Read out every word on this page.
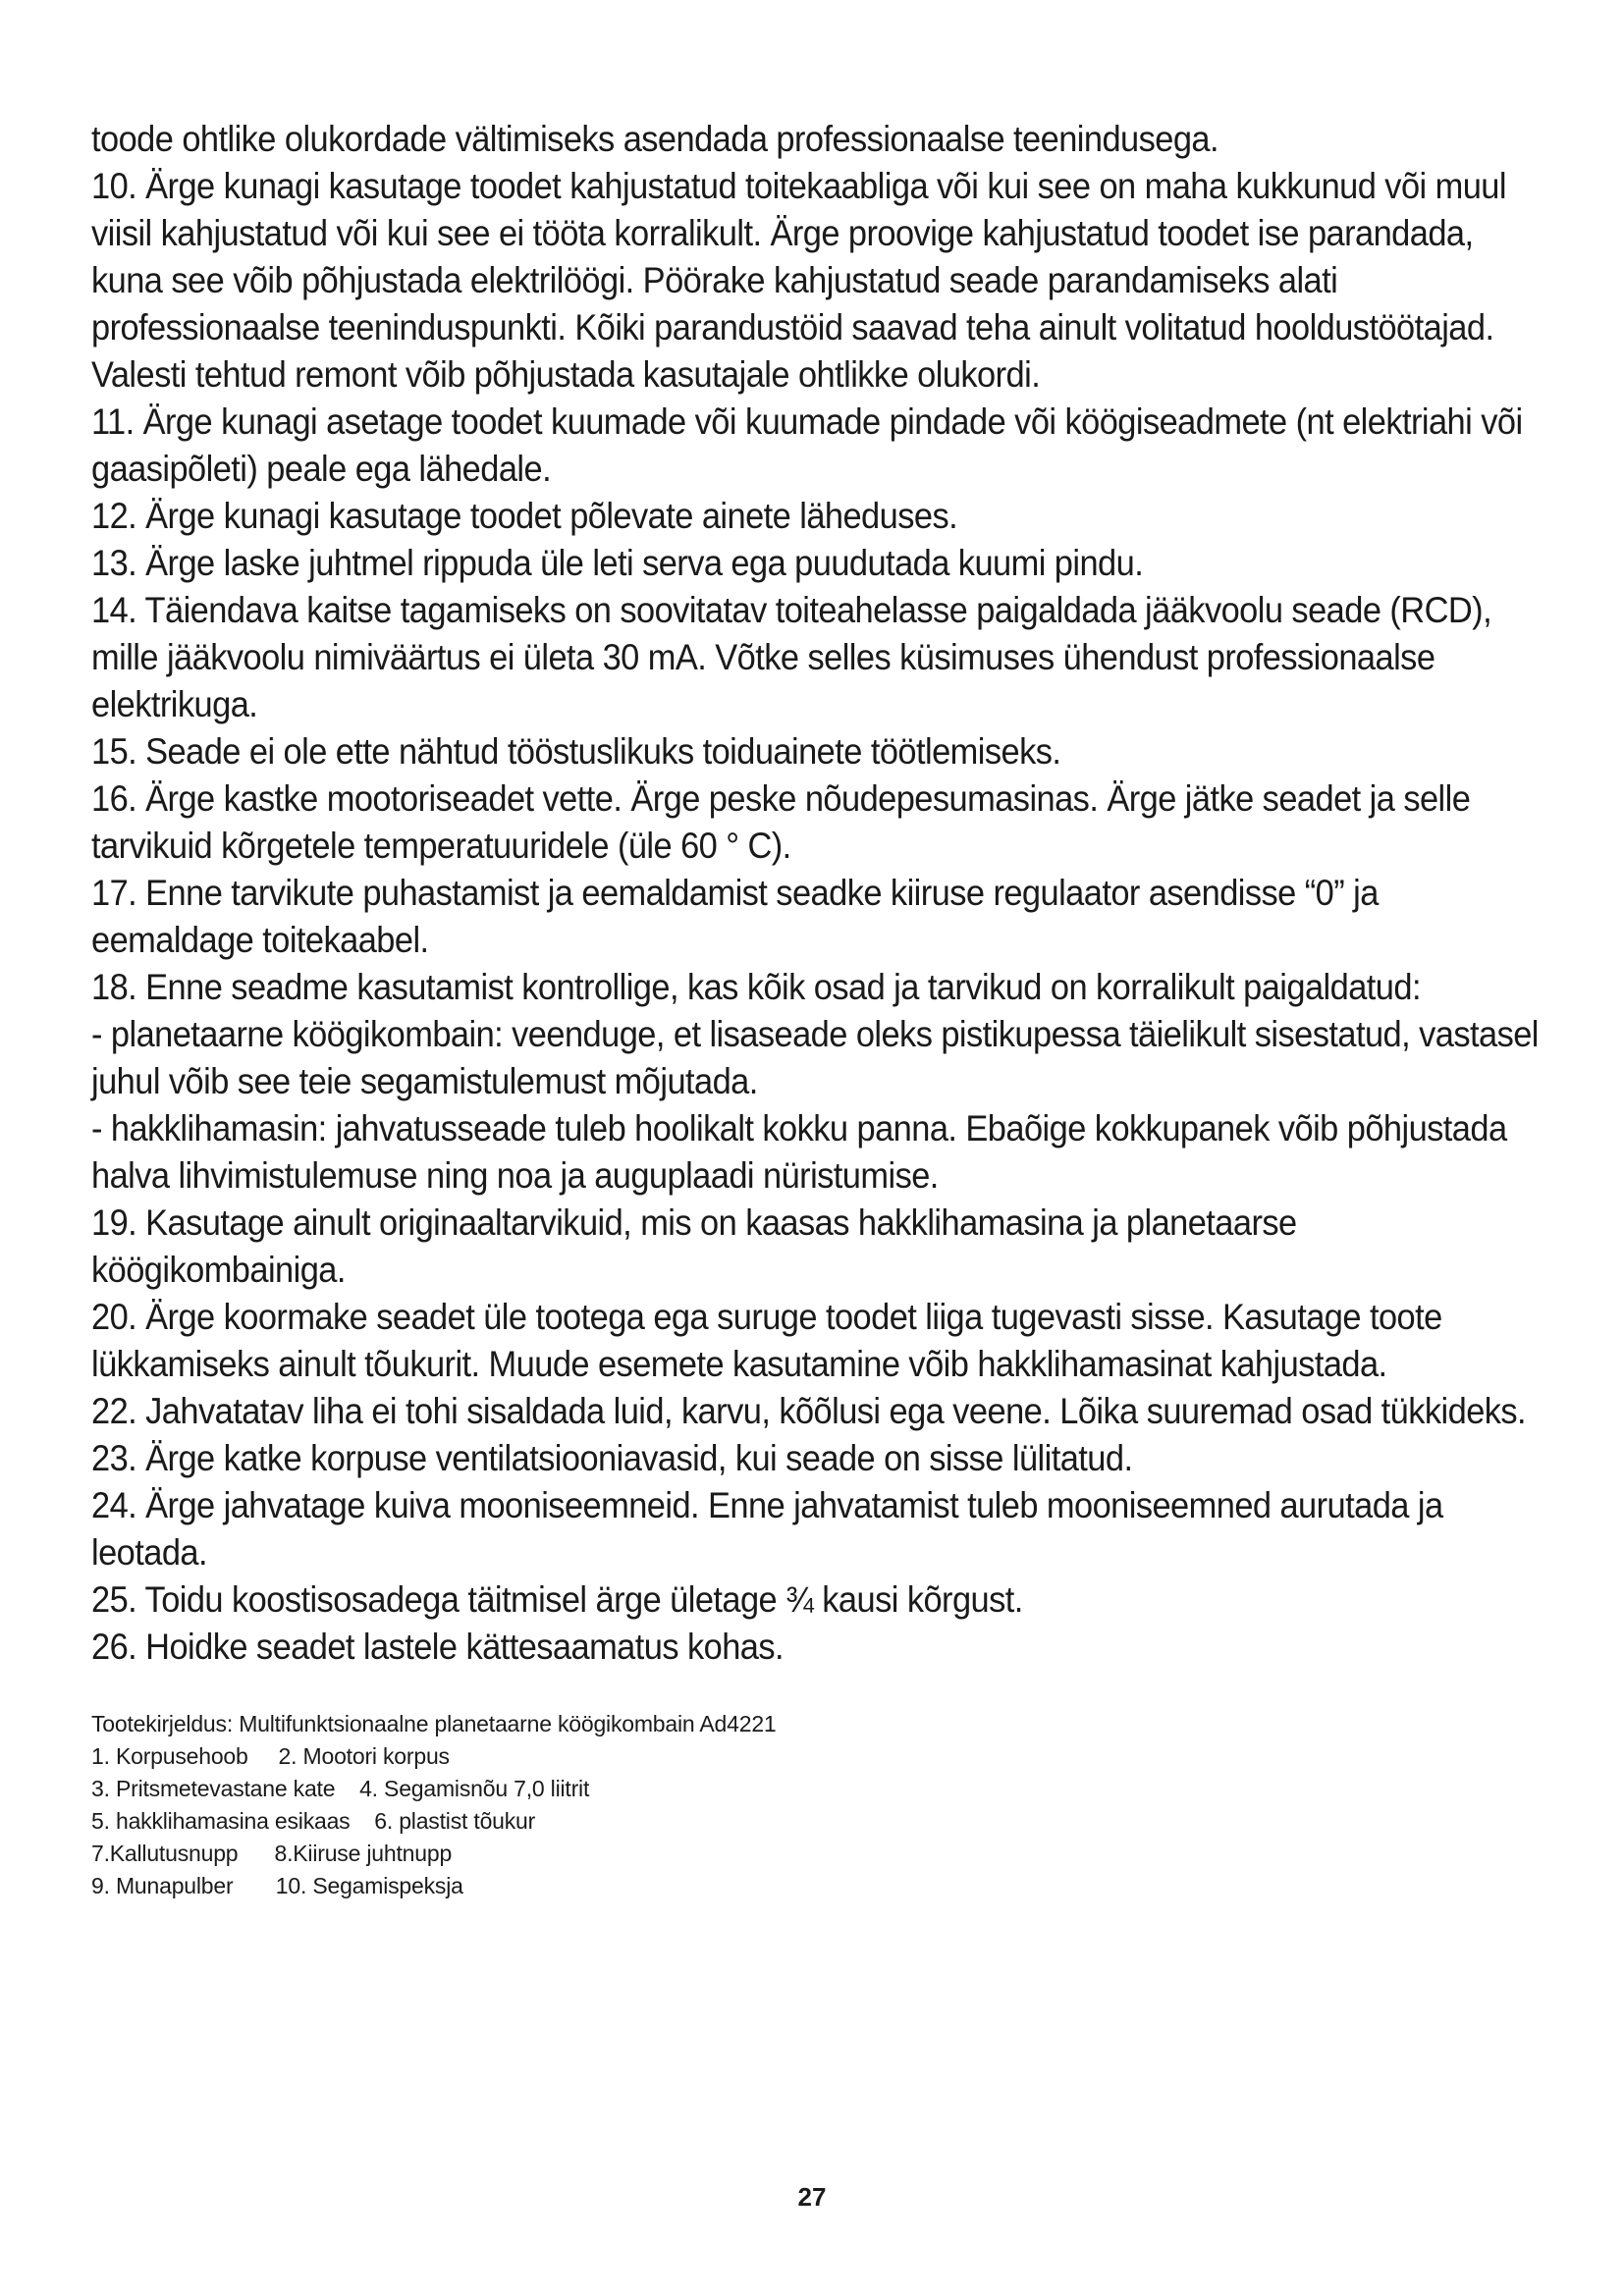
toode ohtlike olukordade vältimiseks asendada professionaalse teenindusega.

10. Ärge kunagi kasutage toodet kahjustatud toitekaabliga või kui see on maha kukkunud või muul viisil kahjustatud või kui see ei tööta korralikult. Ärge proovige kahjustatud toodet ise parandada, kuna see võib põhjustada elektrilöögi. Pöörake kahjustatud seade parandamiseks alati professionaalse teeninduspunkti. Kõiki parandustöid saavad teha ainult volitatud hooldustöötajad. Valesti tehtud remont võib põhjustada kasutajale ohtlikke olukordi.

11. Ärge kunagi asetage toodet kuumade või kuumade pindade või köögiseadmete (nt elektriahi või gaasipõleti) peale ega lähedale.

12. Ärge kunagi kasutage toodet põlevate ainete läheduses.

13. Ärge laske juhtmel rippuda üle leti serva ega puudutada kuumi pindu.

14. Täiendava kaitse tagamiseks on soovitatav toiteahelasse paigaldada jääkvoolu seade (RCD), mille jääkvoolu nimiväärtus ei ületa 30 mA. Võtke selles küsimuses ühendust professionaalse elektrikuga.

15. Seade ei ole ette nähtud tööstuslikuks toiduainete töötlemiseks.

16. Ärge kastke mootoriseadet vette. Ärge peske nõudepesumasinas. Ärge jätke seadet ja selle tarvikuid kõrgetele temperatuuridele (üle 60 ° C).

17. Enne tarvikute puhastamist ja eemaldamist seadke kiiruse regulaator asendisse “0” ja eemaldage toitekaabel.

18. Enne seadme kasutamist kontrollige, kas kõik osad ja tarvikud on korralikult paigaldatud:

- planetaarne köögikombain: veenduge, et lisaseade oleks pistikupessa täielikult sisestatud, vastasel juhul võib see teie segamistulemust mõjutada.

- hakklihamasin: jahvatusseade tuleb hoolikalt kokku panna. Ebaõige kokkupanek võib põhjustada halva lihvimistulemuse ning noa ja auguplaadi nüristumise.

19. Kasutage ainult originaaltarvikuid, mis on kaasas hakklihamasina ja planetaarse köögikombainiga.

20. Ärge koormake seadet üle tootega ega suruge toodet liiga tugevasti sisse. Kasutage toote lükkamiseks ainult tõukurit. Muude esemete kasutamine võib hakklihamasinat kahjustada.

22. Jahvatatav liha ei tohi sisaldada luid, karvu, kõõlusi ega veene. Lõika suuremad osad tükkideks.

23. Ärge katke korpuse ventilatsiooniavasid, kui seade on sisse lülitatud.

24. Ärge jahvatage kuiva mooniseemneid. Enne jahvatamist tuleb mooniseemned aurutada ja leotada.

25. Toidu koostisosadega täitmisel ärge ületage ¾ kausi kõrgust.

26. Hoidke seadet lastele kättesaamatus kohas.

Tootekirjeldus: Multifunktsionaalne planetaarne köögikombain Ad4221
1. Korpusehoob     2. Mootori korpus
3. Pritsmetevastane kate    4. Segamisnõu 7,0 liitrit
5. hakklihamasina esikaas    6. plastist tõukur
7.Kallutusnupp      8.Kiiruse juhtnupp
9. Munapulber       10. Segamispeksja
27
